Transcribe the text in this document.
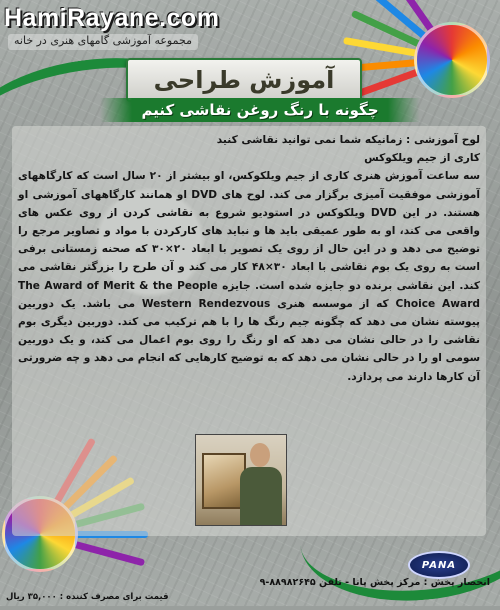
HamiRayane.com
مجموعه آموزشی گامهای هنری در خانه
آموزش طراحی
چگونه با رنگ روغن نقاشی کنیم

لوح آموزشی : زمانیکه شما نمی توانید نقاشی کنید

کاری از جیم ویلکوکس

سه ساعت آموزش هنری کاری از جیم ویلکوکس، او بیشتر از ۲۰ سال است که کارگاههای آموزشی موفقیت آمیزی برگزار می کند. لوح های DVD او همانند کارگاههای آموزشی او هستند. در این DVD ویلکوکس در استودیو شروع به نقاشی کردن از روی عکس های واقعی می کند، او به طور عمیقی باید ها و نباید های کارکردن با مواد و تصاویر مرجع را توضیح می دهد و در این حال از روی یک تصویر با ابعاد ۲۰×۳۰ که صحنه زمستانی برفی است به روی یک بوم نقاشی با ابعاد ۳۰×۴۸ کار می کند و آن طرح را بزرگتر نقاشی می کند. این نقاشی برنده دو جایزه شده است. جایزه The Award of Merit & the People Choice Award که از موسسه هنری Western Rendezvous می باشد. یک دوربین پیوسته نشان می دهد که چگونه جیم رنگ ها را با هم ترکیب می کند. دوربین دیگری بوم نقاشی را در حالی نشان می دهد که او رنگ را روی بوم اعمال می کند، و یک دوربین سومی او را در حالی نشان می دهد که به توضیح کارهایی که انجام می دهد و چه ضرورتی آن کارها دارند می پردازد.

PANA
انحصار پخش : مرکز پخش پانا - تلفن ۸۸۹۸۲۶۴۵-۹
قیمت برای مصرف کننده : ۳۵,۰۰۰ ریال
